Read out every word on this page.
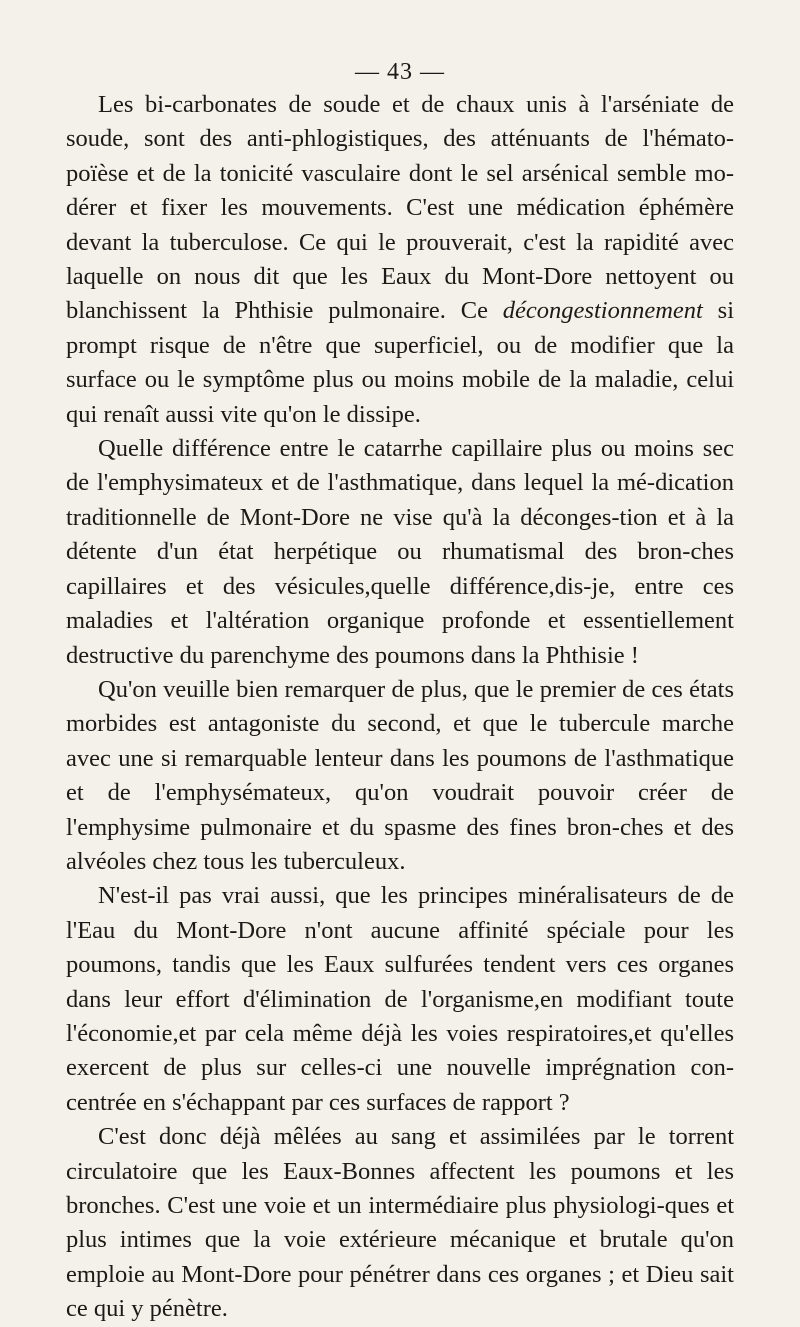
— 43 —

Les bi-carbonates de soude et de chaux unis à l'arséniate de soude, sont des anti-phlogistiques, des atténuants de l'hémato-poïèse et de la tonicité vasculaire dont le sel arsénical semble mo-dérer et fixer les mouvements. C'est une médication éphémère devant la tuberculose. Ce qui le prouverait, c'est la rapidité avec laquelle on nous dit que les Eaux du Mont-Dore nettoyent ou blanchissent la Phthisie pulmonaire. Ce décongestionnement si prompt risque de n'être que superficiel, ou de modifier que la surface ou le symptôme plus ou moins mobile de la maladie, celui qui renaît aussi vite qu'on le dissipe.

Quelle différence entre le catarrhe capillaire plus ou moins sec de l'emphysimateux et de l'asthmatique, dans lequel la mé-dication traditionnelle de Mont-Dore ne vise qu'à la déconges-tion et à la détente d'un état herpétique ou rhumatismal des bron-ches capillaires et des vésicules,quelle différence,dis-je, entre ces maladies et l'altération organique profonde et essentiellement destructive du parenchyme des poumons dans la Phthisie !

Qu'on veuille bien remarquer de plus, que le premier de ces états morbides est antagoniste du second, et que le tubercule marche avec une si remarquable lenteur dans les poumons de l'asthmatique et de l'emphysémateux, qu'on voudrait pouvoir créer de l'emphysime pulmonaire et du spasme des fines bron-ches et des alvéoles chez tous les tuberculeux.

N'est-il pas vrai aussi, que les principes minéralisateurs de de l'Eau du Mont-Dore n'ont aucune affinité spéciale pour les poumons, tandis que les Eaux sulfurées tendent vers ces organes dans leur effort d'élimination de l'organisme,en modifiant toute l'économie,et par cela même déjà les voies respiratoires,et qu'elles exercent de plus sur celles-ci une nouvelle imprégnation con-centrée en s'échappant par ces surfaces de rapport ?

C'est donc déjà mêlées au sang et assimilées par le torrent circulatoire que les Eaux-Bonnes affectent les poumons et les bronches. C'est une voie et un intermédiaire plus physiologi-ques et plus intimes que la voie extérieure mécanique et brutale qu'on emploie au Mont-Dore pour pénétrer dans ces organes ; et Dieu sait ce qui y pénètre.
